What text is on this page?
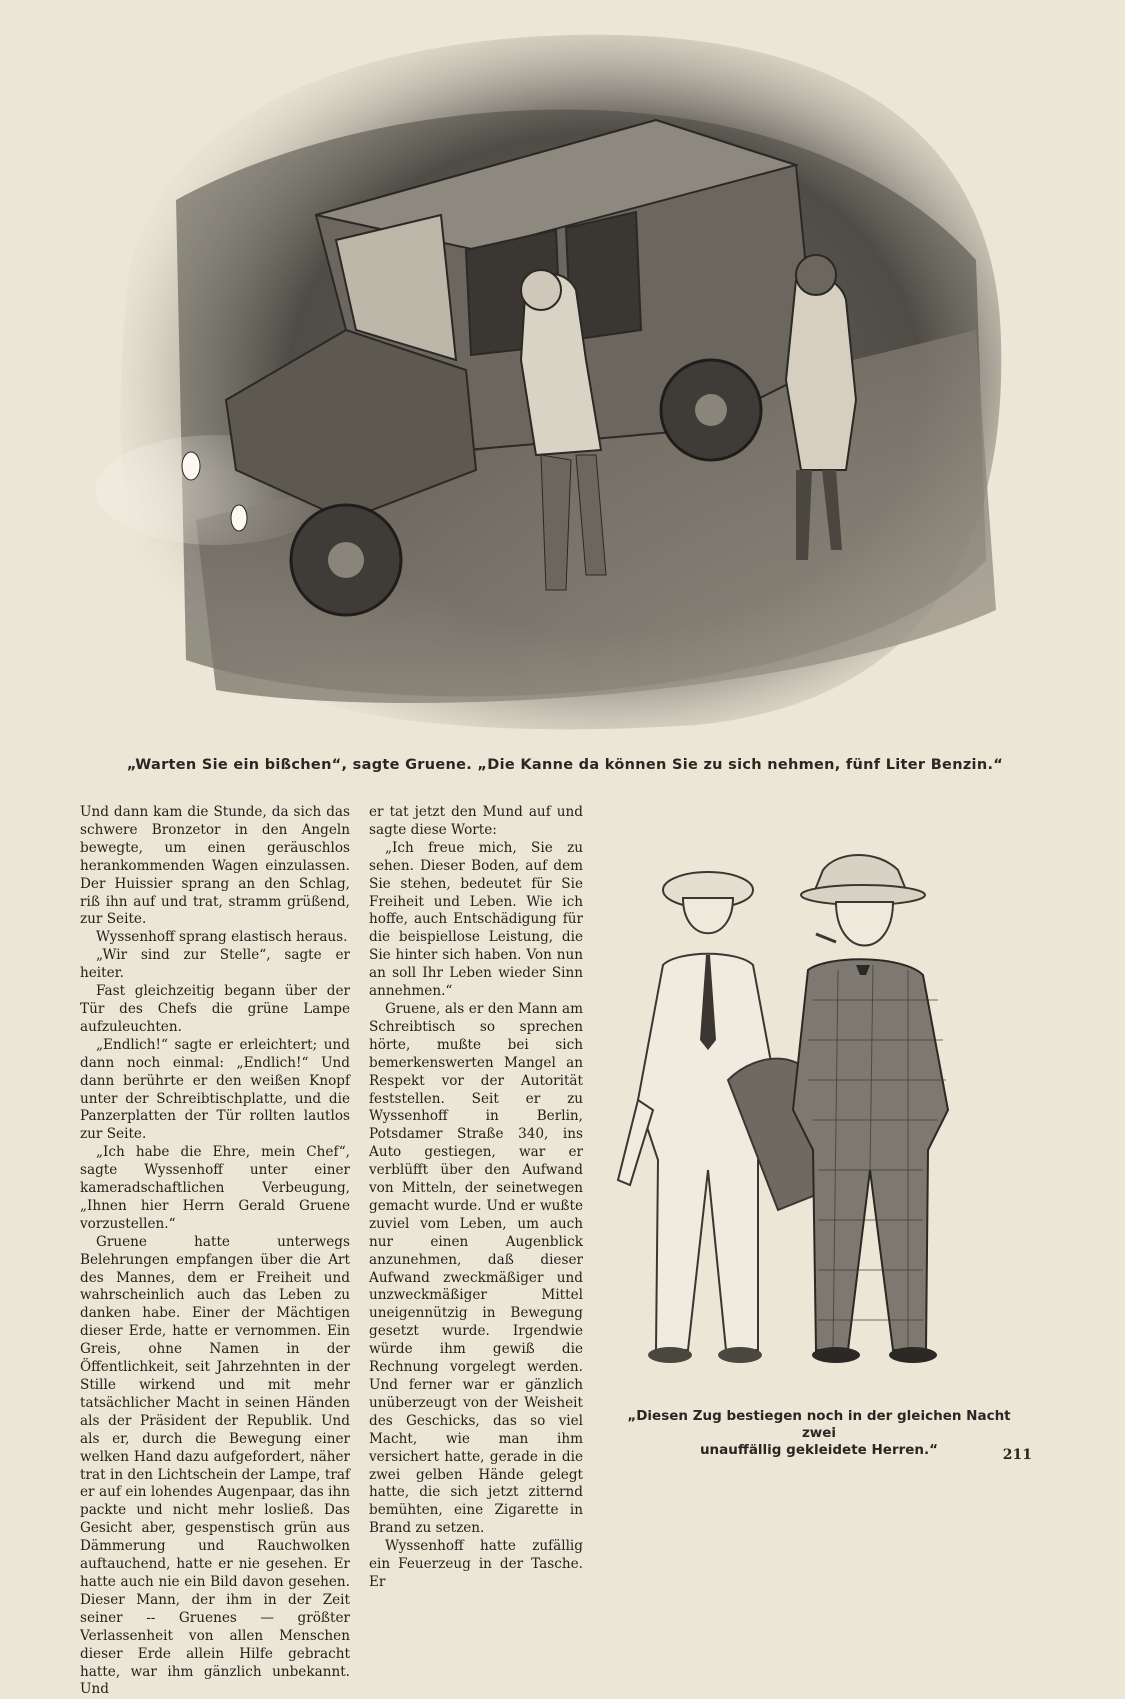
„Warten Sie ein bißchen“, sagte Gruene. „Die Kanne da können Sie zu sich nehmen, fünf Liter Benzin.“

Und dann kam die Stunde, da sich das schwere Bronzetor in den Angeln bewegte, um einen geräuschlos herankommenden Wagen einzulassen. Der Huissier sprang an den Schlag, riß ihn auf und trat, stramm grüßend, zur Seite.

Wyssenhoff sprang elastisch heraus.

„Wir sind zur Stelle“, sagte er heiter.

Fast gleichzeitig begann über der Tür des Chefs die grüne Lampe aufzuleuchten.

„Endlich!“ sagte er erleichtert; und dann noch einmal: „Endlich!“ Und dann berührte er den weißen Knopf unter der Schreibtischplatte, und die Panzerplatten der Tür rollten lautlos zur Seite.

„Ich habe die Ehre, mein Chef“, sagte Wyssenhoff unter einer kameradschaftlichen Verbeugung, „Ihnen hier Herrn Gerald Gruene vorzustellen.“

Gruene hatte unterwegs Belehrungen empfangen über die Art des Mannes, dem er Freiheit und wahrscheinlich auch das Leben zu danken habe. Einer der Mächtigen dieser Erde, hatte er vernommen. Ein Greis, ohne Namen in der Öffentlichkeit, seit Jahrzehnten in der Stille wirkend und mit mehr tatsächlicher Macht in seinen Händen als der Präsident der Republik. Und als er, durch die Bewegung einer welken Hand dazu aufgefordert, näher trat in den Lichtschein der Lampe, traf er auf ein lohendes Augenpaar, das ihn packte und nicht mehr losließ. Das Gesicht aber, gespenstisch grün aus Dämmerung und Rauchwolken auftauchend, hatte er nie gesehen. Er hatte auch nie ein Bild davon gesehen. Dieser Mann, der ihm in der Zeit seiner -- Gruenes — größter Verlassenheit von allen Menschen dieser Erde allein Hilfe gebracht hatte, war ihm gänzlich unbekannt. Und

er tat jetzt den Mund auf und sagte diese Worte:

„Ich freue mich, Sie zu sehen. Dieser Boden, auf dem Sie stehen, bedeutet für Sie Freiheit und Leben. Wie ich hoffe, auch Entschädigung für die beispiellose Leistung, die Sie hinter sich haben. Von nun an soll Ihr Leben wieder Sinn annehmen.“

Gruene, als er den Mann am Schreibtisch so sprechen hörte, mußte bei sich bemerkenswerten Mangel an Respekt vor der Autorität feststellen. Seit er zu Wyssenhoff in Berlin, Potsdamer Straße 340, ins Auto gestiegen, war er verblüfft über den Aufwand von Mitteln, der seinetwegen gemacht wurde. Und er wußte zuviel vom Leben, um auch nur einen Augenblick anzunehmen, daß dieser Aufwand zweckmäßiger und unzweckmäßiger Mittel uneigennützig in Bewegung gesetzt wurde. Irgendwie würde ihm gewiß die Rechnung vorgelegt werden. Und ferner war er gänzlich unüberzeugt von der Weisheit des Geschicks, das so viel Macht, wie man ihm versichert hatte, gerade in die zwei gelben Hände gelegt hatte, die sich jetzt zitternd bemühten, eine Zigarette in Brand zu setzen.

Wyssenhoff hatte zufällig ein Feuerzeug in der Tasche. Er

„Diesen Zug bestiegen noch in der gleichen Nacht zwei
unauffällig gekleidete Herren.“	211
